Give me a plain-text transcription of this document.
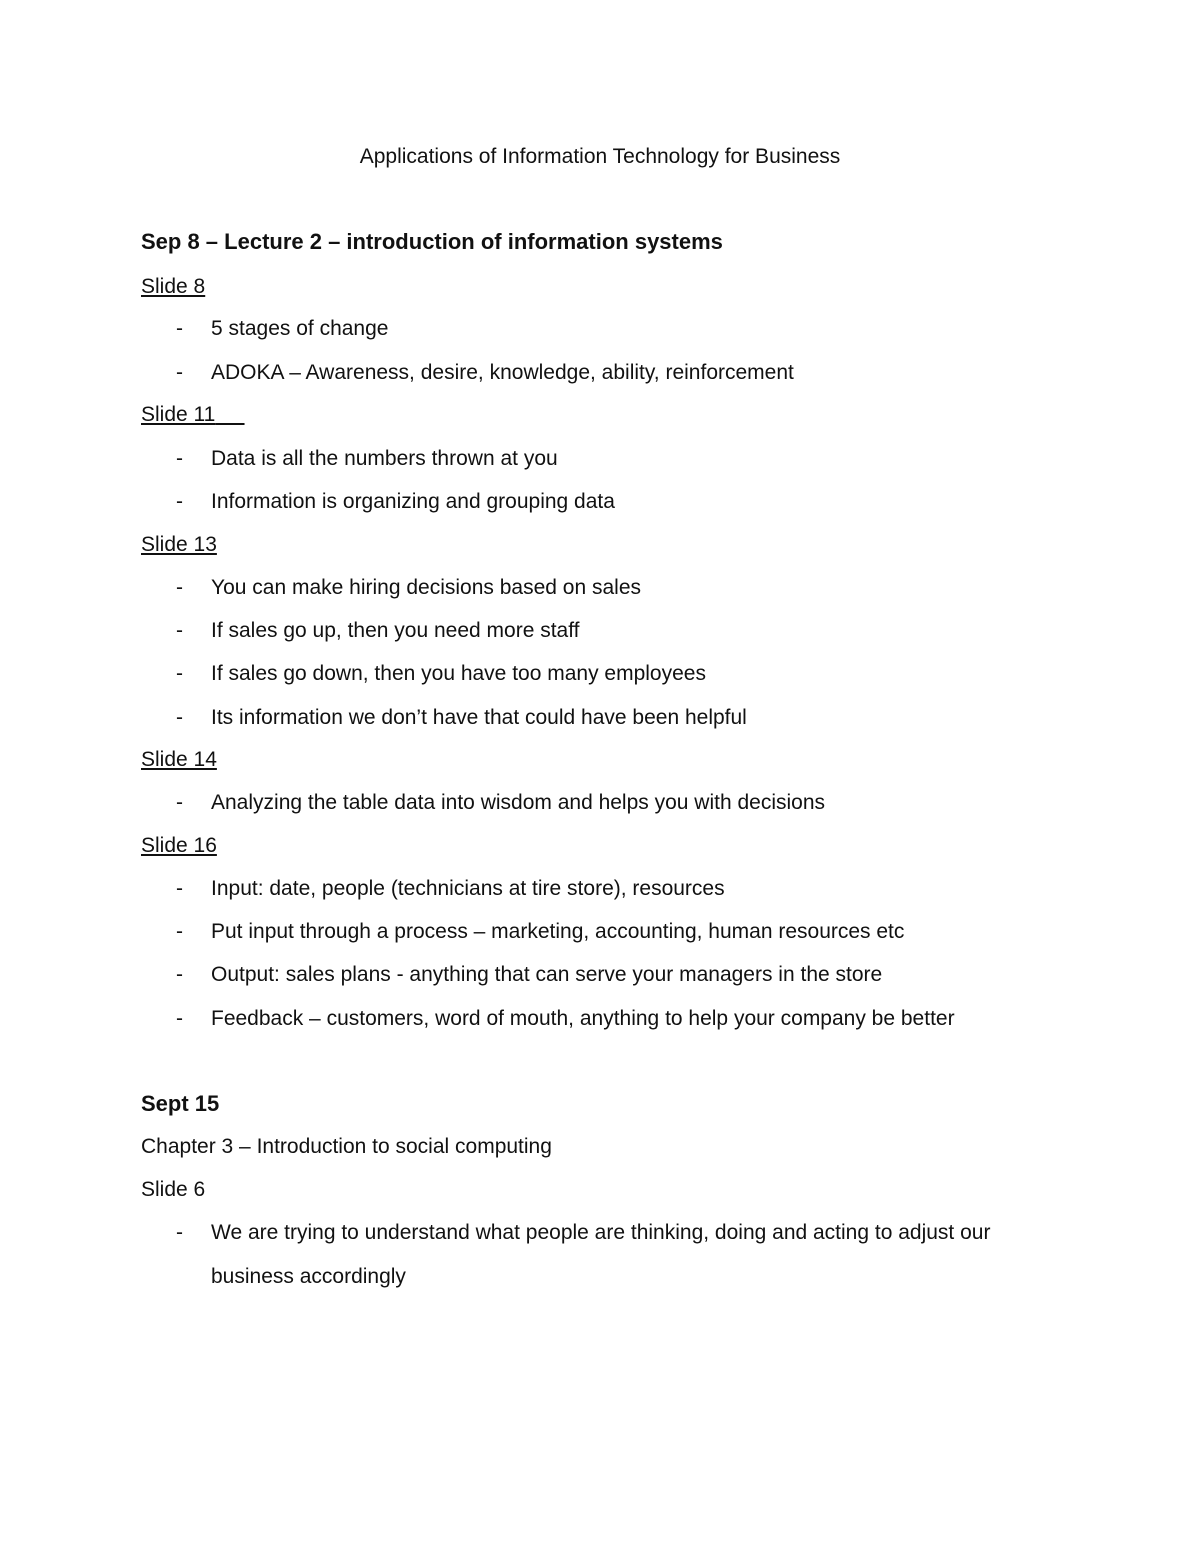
Applications of Information Technology for Business
Sep 8 – Lecture 2 – introduction of information systems
Slide 8
- 5 stages of change
- ADOKA – Awareness, desire, knowledge, ability, reinforcement
Slide 11
- Data is all the numbers thrown at you
- Information is organizing and grouping data
Slide 13
- You can make hiring decisions based on sales
- If sales go up, then you need more staff
- If sales go down, then you have too many employees
- Its information we don’t have that could have been helpful
Slide 14
- Analyzing the table data into wisdom and helps you with decisions
Slide 16
- Input: date, people (technicians at tire store), resources
- Put input through a process – marketing, accounting, human resources etc
- Output: sales plans - anything that can serve your managers in the store
- Feedback – customers, word of mouth, anything to help your company be better
Sept 15
Chapter 3 – Introduction to social computing
Slide 6
- We are trying to understand what people are thinking, doing and acting to adjust our business accordingly
